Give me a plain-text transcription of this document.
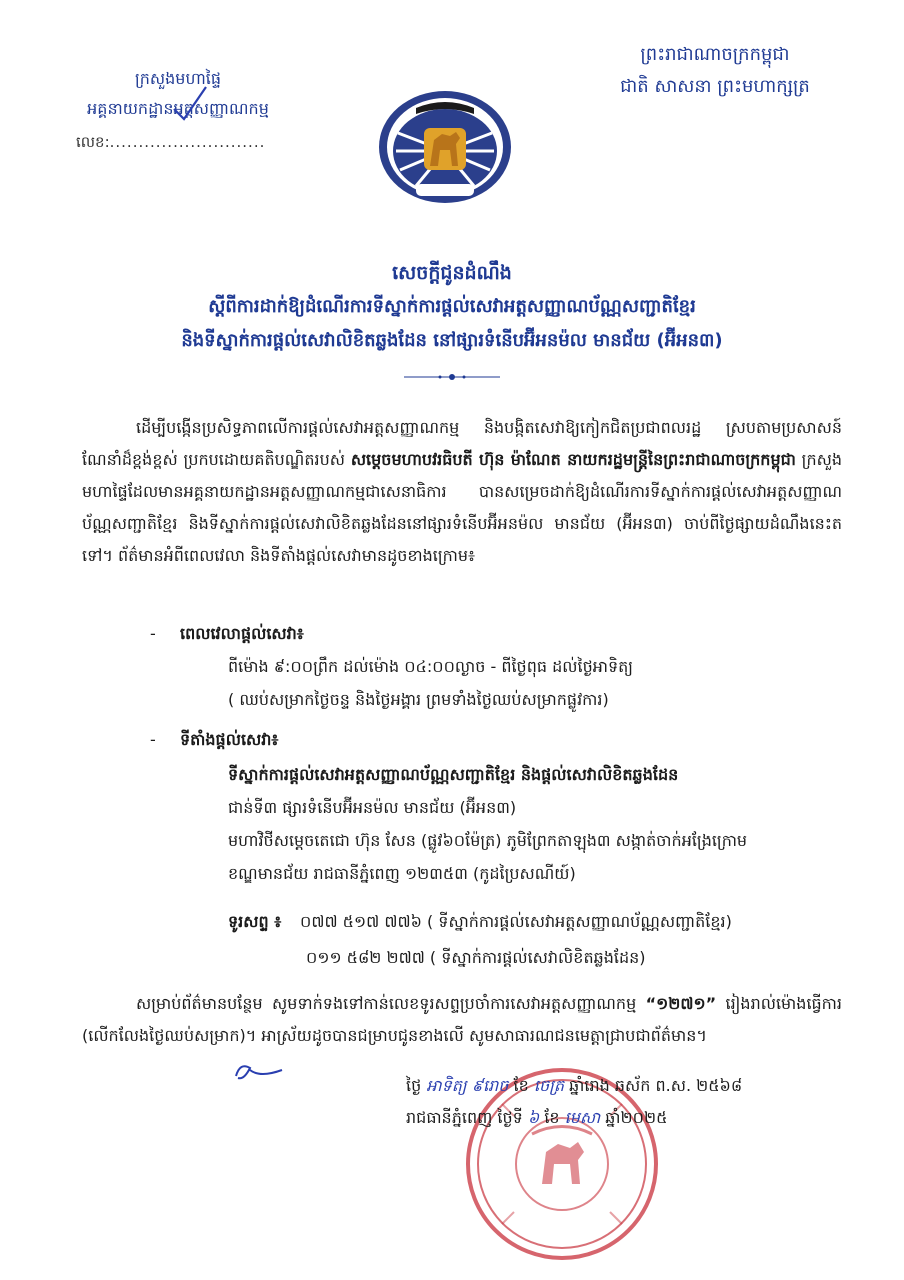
ព្រះរាជាណាចក្រកម្ពុជា
ជាតិ សាសនា ព្រះមហាក្សត្រ
ក្រសួងមហាផ្ទៃ
អគ្គនាយកដ្ឋានអត្តសញ្ញាណកម្ម
លេខ:...........................
សេចក្ដីជូនដំណឹង
ស្ដីពីការដាក់ឱ្យដំណើរការទីស្នាក់ការផ្ដល់សេវាអត្តសញ្ញាណប័ណ្ណសញ្ជាតិខ្មែរ
និងទីស្នាក់ការផ្ដល់សេវាលិខិតឆ្លងដែន នៅផ្សារទំនើបអ៊ីអនម៉ល មានជ័យ (អ៊ីអន៣)

ដើម្បីបង្កើនប្រសិទ្ធភាពលើការផ្ដល់សេវាអត្តសញ្ញាណកម្ម និងបង្កិតសេវាឱ្យកៀកជិតប្រជាពលរដ្ឋ ស្របតាមប្រសាសន៍ណែនាំដ៏ខ្ពង់ខ្ពស់ ប្រកបដោយគតិបណ្ឌិតរបស់ សម្ដេចមហាបវរធិបតី ហ៊ុន ម៉ាណែត នាយករដ្ឋមន្ត្រីនៃព្រះរាជាណាចក្រកម្ពុជា ក្រសួងមហាផ្ទៃដែលមានអគ្គនាយកដ្ឋានអត្តសញ្ញាណកម្មជាសេនាធិការ បានសម្រេចដាក់ឱ្យដំណើរការទីស្នាក់ការផ្ដល់សេវាអត្តសញ្ញាណប័ណ្ណសញ្ជាតិខ្មែរ និងទីស្នាក់ការផ្ដល់សេវាលិខិតឆ្លងដែននៅផ្សារទំនើបអ៊ីអនម៉ល មានជ័យ (អ៊ីអន៣) ចាប់ពីថ្ងៃផ្សាយដំណឹងនេះតទៅ។ ព័ត៌មានអំពីពេលវេលា និងទីតាំងផ្ដល់សេវាមានដូចខាងក្រោម៖

- ពេលវេលាផ្ដល់សេវា៖
ពីម៉ោង ៩:០០ព្រឹក ដល់ម៉ោង ០៤:០០ល្ងាច - ពីថ្ងៃពុធ ដល់ថ្ងៃអាទិត្យ
( ឈប់សម្រាកថ្ងៃចន្ទ និងថ្ងៃអង្គារ ព្រមទាំងថ្ងៃឈប់សម្រាកផ្លូវការ)
- ទីតាំងផ្ដល់សេវា៖
ទីស្នាក់ការផ្ដល់សេវាអត្តសញ្ញាណប័ណ្ណសញ្ជាតិខ្មែរ និងផ្ដល់សេវាលិខិតឆ្លងដែន
ជាន់ទី៣ ផ្សារទំនើបអ៊ីអនម៉ល មានជ័យ (អ៊ីអន៣)
មហាវិថីសម្ដេចតេជោ ហ៊ុន សែន (ផ្លូវ៦០ម៉ែត្រ) ភូមិព្រែកតាឡុង៣ សង្កាត់ចាក់អង្រែក្រោម
ខណ្ឌមានជ័យ រាជធានីភ្នំពេញ ១២៣៥៣ (កូដប្រៃសណីយ៍)
ទូរសព្ទ ៖ ០៧៧ ៥១៧ ៧៧៦ ( ទីស្នាក់ការផ្ដល់សេវាអត្តសញ្ញាណប័ណ្ណសញ្ជាតិខ្មែរ)
០១១ ៥៨២ ២៧៧ ( ទីស្នាក់ការផ្ដល់សេវាលិខិតឆ្លងដែន)

សម្រាប់ព័ត៌មានបន្ថែម សូមទាក់ទងទៅកាន់លេខទូរសព្ទប្រចាំការសេវាអត្តសញ្ញាណកម្ម “១២៧១” រៀងរាល់ម៉ោងធ្វើការ (លើកលែងថ្ងៃឈប់សម្រាក)។ អាស្រ័យដូចបានជម្រាបជូនខាងលើ សូមសាធារណជនមេត្តាជ្រាបជាព័ត៌មាន។

ថ្ងៃ អាទិត្យ ៩រោច ខែ ចេត្រ ឆ្នាំរោង ឆស័ក ព.ស. ២៥៦៨
រាជធានីភ្នំពេញ ថ្ងៃទី ៦ ខែ មេសា ឆ្នាំ២០២៥
